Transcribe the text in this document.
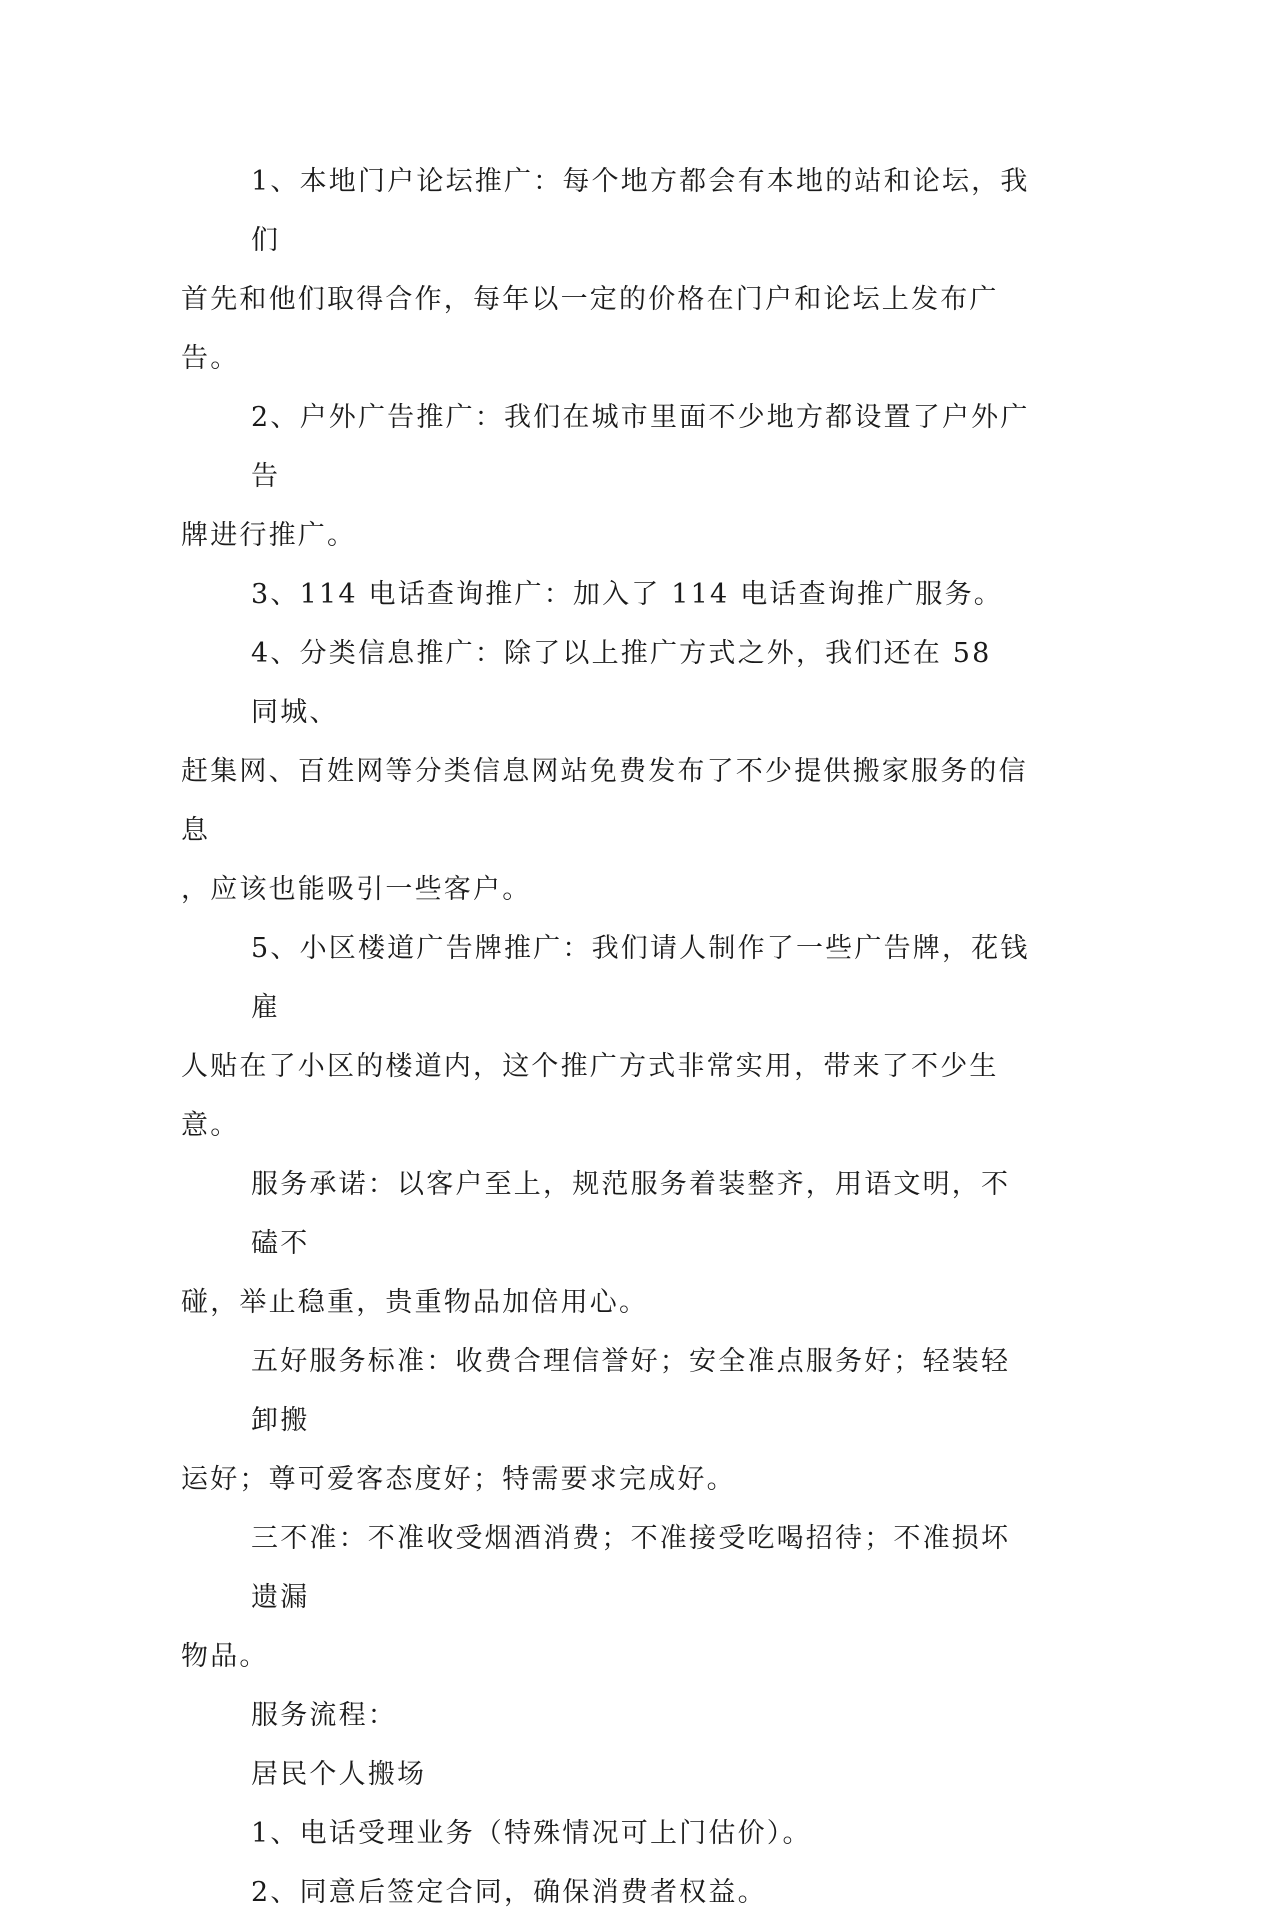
1、本地门户论坛推广：每个地方都会有本地的站和论坛，我们
首先和他们取得合作，每年以一定的价格在门户和论坛上发布广告。
2、户外广告推广：我们在城市里面不少地方都设置了户外广告
牌进行推广。
3、114 电话查询推广：加入了 114 电话查询推广服务。
4、分类信息推广：除了以上推广方式之外，我们还在 58 同城、
赶集网、百姓网等分类信息网站免费发布了不少提供搬家服务的信息
，应该也能吸引一些客户。
5、小区楼道广告牌推广：我们请人制作了一些广告牌，花钱雇
人贴在了小区的楼道内，这个推广方式非常实用，带来了不少生意。
服务承诺：以客户至上，规范服务着装整齐，用语文明，不磕不
碰，举止稳重，贵重物品加倍用心。
五好服务标准：收费合理信誉好；安全准点服务好；轻装轻卸搬
运好；尊可爱客态度好；特需要求完成好。
三不准：不准收受烟酒消费；不准接受吃喝招待；不准损坏遗漏
物品。
服务流程：
居民个人搬场
1、电话受理业务（特殊情况可上门估价）。
2、同意后签定合同，确保消费者权益。
